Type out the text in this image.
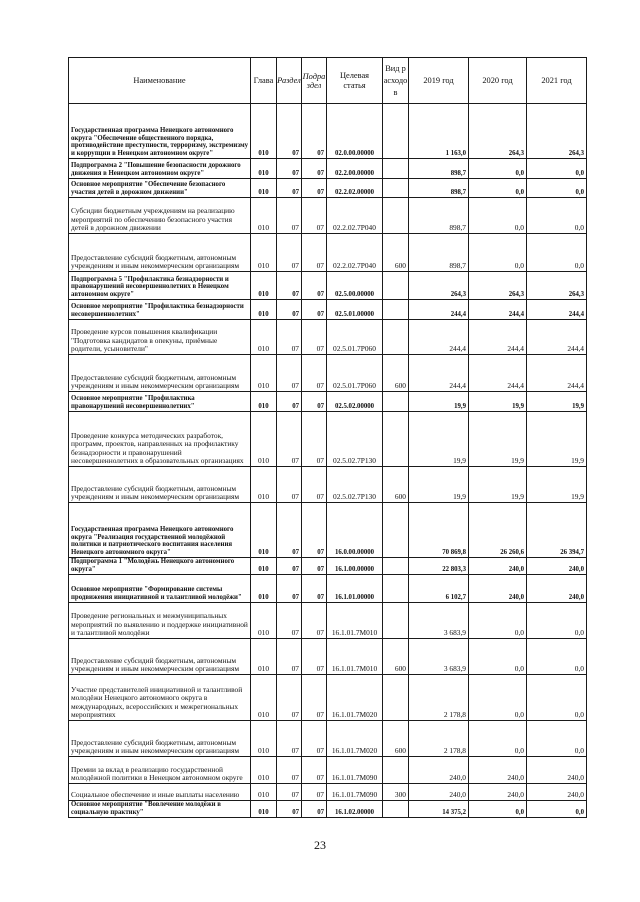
Наименование	Глава	Раздел	Подраздел	Целевая статья	Вид расходов	2019 год	2020 год	2021 год
Государственная программа Ненецкого автономного округа "Обеспечение общественного порядка, противодействие преступности, терроризму, экстремизму и коррупции в Ненецком автономном округе"	010	07	07	02.0.00.00000		1 163,0	264,3	264,3
Подпрограмма 2 "Повышение безопасности дорожного движения в Ненецком автономном округе"	010	07	07	02.2.00.00000		898,7	0,0	0,0
Основное мероприятие "Обеспечение безопасного участия детей в дорожном движении"	010	07	07	02.2.02.00000		898,7	0,0	0,0
Субсидии бюджетным учреждениям на реализацию мероприятий по обеспечению безопасного участия детей в дорожном движении	010	07	07	02.2.02.7Р040		898,7	0,0	0,0
Предоставление субсидий бюджетным, автономным учреждениям и иным некоммерческим организациям	010	07	07	02.2.02.7Р040	600	898,7	0,0	0,0
Подпрограмма 5 "Профилактика безнадзорности и правонарушений несовершеннолетних в Ненецком автономном округе"	010	07	07	02.5.00.00000		264,3	264,3	264,3
Основное мероприятие "Профилактика безнадзорности несовершеннолетних"	010	07	07	02.5.01.00000		244,4	244,4	244,4
Проведение курсов повышения квалификации "Подготовка кандидатов в опекуны, приёмные родители, усыновители"	010	07	07	02.5.01.7Р060		244,4	244,4	244,4
Предоставление субсидий бюджетным, автономным учреждениям и иным некоммерческим организациям	010	07	07	02.5.01.7Р060	600	244,4	244,4	244,4
Основное мероприятие "Профилактика правонарушений несовершеннолетних"	010	07	07	02.5.02.00000		19,9	19,9	19,9
Проведение конкурса методических разработок, программ, проектов, направленных на профилактику безнадзорности и правонарушений несовершеннолетних в образовательных организациях	010	07	07	02.5.02.7Р130		19,9	19,9	19,9
Предоставление субсидий бюджетным, автономным учреждениям и иным некоммерческим организациям	010	07	07	02.5.02.7Р130	600	19,9	19,9	19,9
Государственная программа Ненецкого автономного округа "Реализация государственной молодёжной политики и патриотического воспитания населения Ненецкого автономного округа"	010	07	07	16.0.00.00000		70 869,8	26 260,6	26 394,7
Подпрограмма 1 "Молодёжь Ненецкого автономного округа"	010	07	07	16.1.00.00000		22 803,3	240,0	240,0
Основное мероприятие "Формирование системы продвижения инициативной и талантливой молодёжи"	010	07	07	16.1.01.00000		6 102,7	240,0	240,0
Проведение региональных и межмуниципальных мероприятий по выявлению и поддержке инициативной и талантливой молодёжи	010	07	07	16.1.01.7М010		3 683,9	0,0	0,0
Предоставление субсидий бюджетным, автономным учреждениям и иным некоммерческим организациям	010	07	07	16.1.01.7М010	600	3 683,9	0,0	0,0
Участие представителей инициативной и талантливой молодёжи Ненецкого автономного округа в международных, всероссийских и межрегиональных мероприятиях	010	07	07	16.1.01.7М020		2 178,8	0,0	0,0
Предоставление субсидий бюджетным, автономным учреждениям и иным некоммерческим организациям	010	07	07	16.1.01.7М020	600	2 178,8	0,0	0,0
Премии за вклад в реализацию государственной молодёжной политики в Ненецком автономном округе	010	07	07	16.1.01.7М090		240,0	240,0	240,0
Социальное обеспечение и иные выплаты населению	010	07	07	16.1.01.7М090	300	240,0	240,0	240,0
Основное мероприятие "Вовлечение молодёжи в социальную практику"	010	07	07	16.1.02.00000		14 375,2	0,0	0,0
23
